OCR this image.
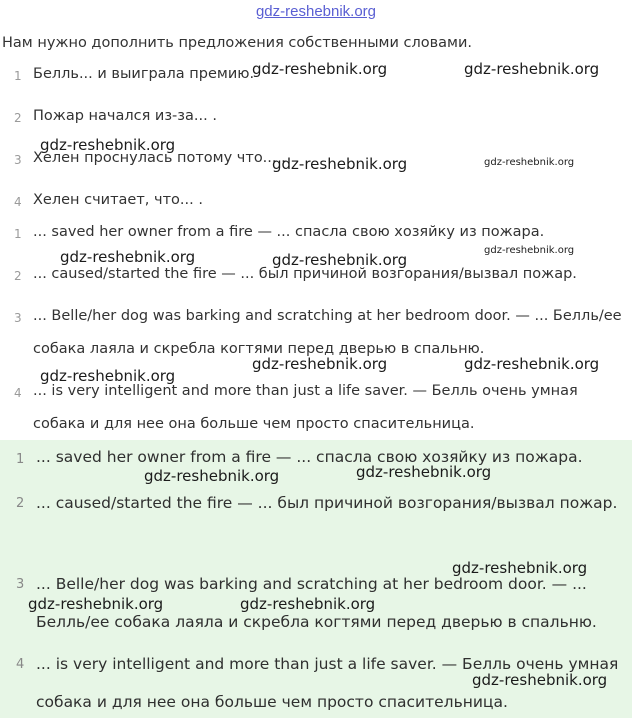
gdz-reshebnik.org
Нам нужно дополнить предложения собственными словами.
1 Белль... и выиграла премию.
2 Пожар начался из-за... .
3 Хелен проснулась потому что... .
4 Хелен считает, что... .
1 ... saved her owner from a fire — ... спасла свою хозяйку из пожара.
2 ... caused/started the fire — ... был причиной возгорания/вызвал пожар.
3 ... Belle/her dog was barking and scratching at her bedroom door. — ... Белль/ее собака лаяла и скребла когтями перед дверью в спальню.
4 ... is very intelligent and more than just a life saver. — Белль очень умная собака и для нее она больше чем просто спасительница.
1 ... saved her owner from a fire — ... спасла свою хозяйку из пожара.
2 ... caused/started the fire — ... был причиной возгорания/вызвал пожар.
3 ... Belle/her dog was barking and scratching at her bedroom door. — ... Белль/ее собака лаяла и скребла когтями перед дверью в спальню.
4 ... is very intelligent and more than just a life saver. — Белль очень умная собака и для нее она больше чем просто спасительница.
gdz-reshebnik.org	gdz-reshebnik.org
gdz-reshebnik.org
gdz-reshebnik.org	gdz-reshebnik.org
gdz-reshebnik.org
gdz-reshebnik.org	gdz-reshebnik.org
gdz-reshebnik.org	gdz-reshebnik.org
gdz-reshebnik.org
gdz-reshebnik.org
gdz-reshebnik.org
gdz-reshebnik.org
gdz-reshebnik.org	gdz-reshebnik.org
gdz-reshebnik.org
